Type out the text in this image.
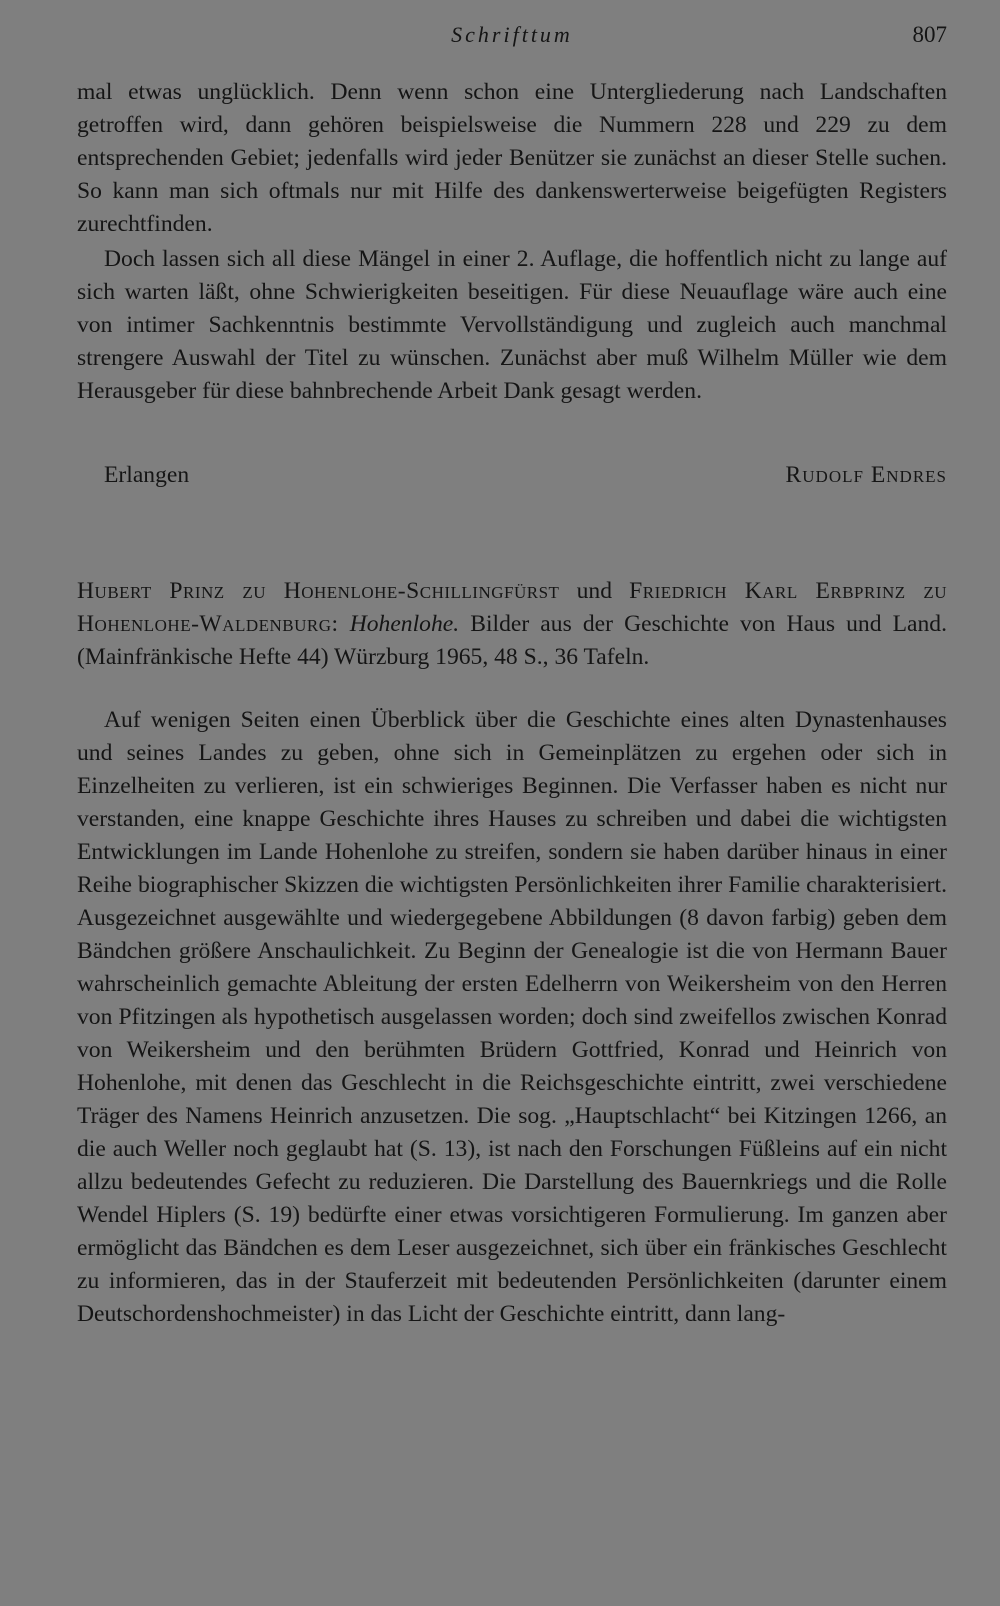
Schrifttum	807

mal etwas unglücklich. Denn wenn schon eine Untergliederung nach Landschaften getroffen wird, dann gehören beispielsweise die Nummern 228 und 229 zu dem entsprechenden Gebiet; jedenfalls wird jeder Benützer sie zunächst an dieser Stelle suchen. So kann man sich oftmals nur mit Hilfe des dankenswerterweise beigefügten Registers zurechtfinden.

Doch lassen sich all diese Mängel in einer 2. Auflage, die hoffentlich nicht zu lange auf sich warten läßt, ohne Schwierigkeiten beseitigen. Für diese Neuauflage wäre auch eine von intimer Sachkenntnis bestimmte Vervollständigung und zugleich auch manchmal strengere Auswahl der Titel zu wünschen. Zunächst aber muß Wilhelm Müller wie dem Herausgeber für diese bahnbrechende Arbeit Dank gesagt werden.

Erlangen	Rudolf Endres

Hubert Prinz zu Hohenlohe-Schillingfürst und Friedrich Karl Erbprinz zu Hohenlohe-Waldenburg: Hohenlohe. Bilder aus der Geschichte von Haus und Land. (Mainfränkische Hefte 44) Würzburg 1965, 48 S., 36 Tafeln.

Auf wenigen Seiten einen Überblick über die Geschichte eines alten Dynastenhauses und seines Landes zu geben, ohne sich in Gemeinplätzen zu ergehen oder sich in Einzelheiten zu verlieren, ist ein schwieriges Beginnen. Die Verfasser haben es nicht nur verstanden, eine knappe Geschichte ihres Hauses zu schreiben und dabei die wichtigsten Entwicklungen im Lande Hohenlohe zu streifen, sondern sie haben darüber hinaus in einer Reihe biographischer Skizzen die wichtigsten Persönlichkeiten ihrer Familie charakterisiert. Ausgezeichnet ausgewählte und wiedergegebene Abbildungen (8 davon farbig) geben dem Bändchen größere Anschaulichkeit. Zu Beginn der Genealogie ist die von Hermann Bauer wahrscheinlich gemachte Ableitung der ersten Edelherrn von Weikersheim von den Herren von Pfitzingen als hypothetisch ausgelassen worden; doch sind zweifellos zwischen Konrad von Weikersheim und den berühmten Brüdern Gottfried, Konrad und Heinrich von Hohenlohe, mit denen das Geschlecht in die Reichsgeschichte eintritt, zwei verschiedene Träger des Namens Heinrich anzusetzen. Die sog. „Hauptschlacht“ bei Kitzingen 1266, an die auch Weller noch geglaubt hat (S. 13), ist nach den Forschungen Füßleins auf ein nicht allzu bedeutendes Gefecht zu reduzieren. Die Darstellung des Bauernkriegs und die Rolle Wendel Hiplers (S. 19) bedürfte einer etwas vorsichtigeren Formulierung. Im ganzen aber ermöglicht das Bändchen es dem Leser ausgezeichnet, sich über ein fränkisches Geschlecht zu informieren, das in der Stauferzeit mit bedeutenden Persönlichkeiten (darunter einem Deutschordenshochmeister) in das Licht der Geschichte eintritt, dann lang-
